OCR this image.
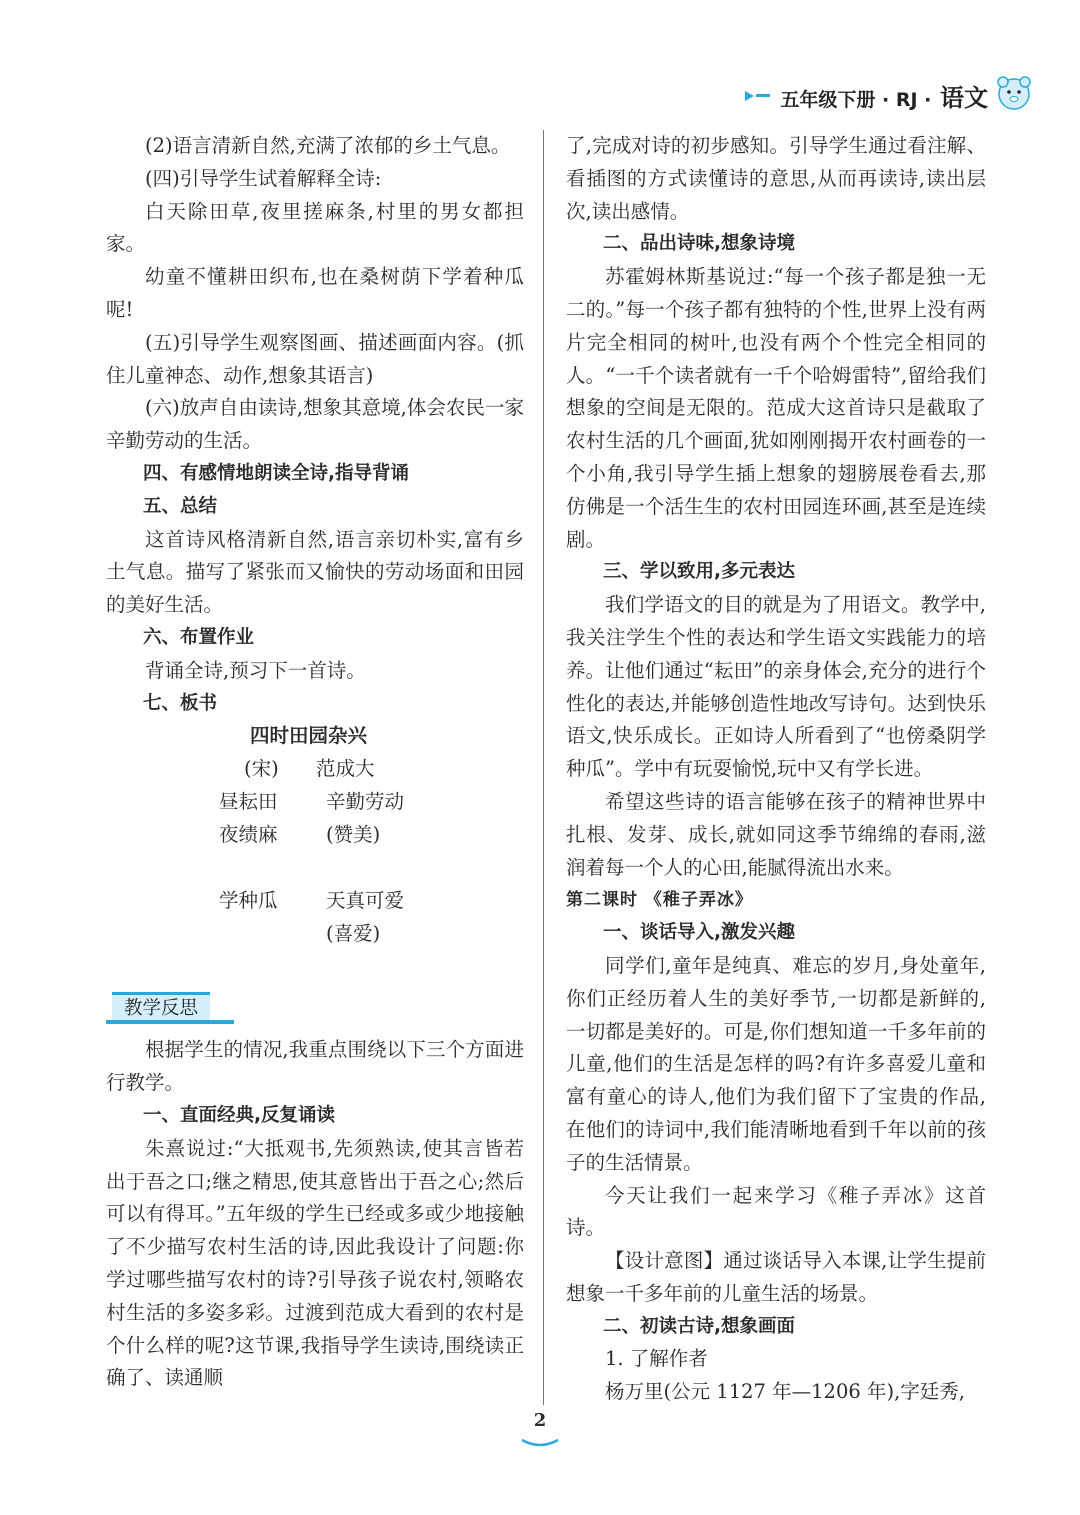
五年级下册 · RJ · 语文

(2)语言清新自然,充满了浓郁的乡土气息。

(四)引导学生试着解释全诗:

白天除田草,夜里搓麻条,村里的男女都担家。

幼童不懂耕田织布,也在桑树荫下学着种瓜呢!

(五)引导学生观察图画、描述画面内容。(抓住儿童神态、动作,想象其语言)

(六)放声自由读诗,想象其意境,体会农民一家辛勤劳动的生活。

四、有感情地朗读全诗,指导背诵

五、总结

这首诗风格清新自然,语言亲切朴实,富有乡土气息。描写了紧张而又愉快的劳动场面和田园的美好生活。

六、布置作业

背诵全诗,预习下一首诗。

七、板书

四时田园杂兴
(宋) 范成大
昼耘田 辛勤劳动
夜绩麻 (赞美)
学种瓜 天真可爱
(喜爱)
教学反思

根据学生的情况,我重点围绕以下三个方面进行教学。

一、直面经典,反复诵读

朱熹说过:“大抵观书,先须熟读,使其言皆若出于吾之口;继之精思,使其意皆出于吾之心;然后可以有得耳。”五年级的学生已经或多或少地接触了不少描写农村生活的诗,因此我设计了问题:你学过哪些描写农村的诗?引导孩子说农村,领略农村生活的多姿多彩。过渡到范成大看到的农村是个什么样的呢?这节课,我指导学生读诗,围绕读正确了、读通顺

了,完成对诗的初步感知。引导学生通过看注解、看插图的方式读懂诗的意思,从而再读诗,读出层次,读出感情。

二、品出诗味,想象诗境

苏霍姆林斯基说过:“每一个孩子都是独一无二的。”每一个孩子都有独特的个性,世界上没有两片完全相同的树叶,也没有两个个性完全相同的人。“一千个读者就有一千个哈姆雷特”,留给我们想象的空间是无限的。范成大这首诗只是截取了农村生活的几个画面,犹如刚刚揭开农村画卷的一个小角,我引导学生插上想象的翅膀展卷看去,那仿佛是一个活生生的农村田园连环画,甚至是连续剧。

三、学以致用,多元表达

我们学语文的目的就是为了用语文。教学中,我关注学生个性的表达和学生语文实践能力的培养。让他们通过“耘田”的亲身体会,充分的进行个性化的表达,并能够创造性地改写诗句。达到快乐语文,快乐成长。正如诗人所看到了“也傍桑阴学种瓜”。学中有玩耍愉悦,玩中又有学长进。

希望这些诗的语言能够在孩子的精神世界中扎根、发芽、成长,就如同这季节绵绵的春雨,滋润着每一个人的心田,能腻得流出水来。

第二课时 《稚子弄冰》

一、谈话导入,激发兴趣

同学们,童年是纯真、难忘的岁月,身处童年,你们正经历着人生的美好季节,一切都是新鲜的,一切都是美好的。可是,你们想知道一千多年前的儿童,他们的生活是怎样的吗?有许多喜爱儿童和富有童心的诗人,他们为我们留下了宝贵的作品,在他们的诗词中,我们能清晰地看到千年以前的孩子的生活情景。

今天让我们一起来学习《稚子弄冰》这首诗。

【设计意图】通过谈话导入本课,让学生提前想象一千多年前的儿童生活的场景。

二、初读古诗,想象画面

1. 了解作者

杨万里(公元 1127 年—1206 年),字廷秀,

2
